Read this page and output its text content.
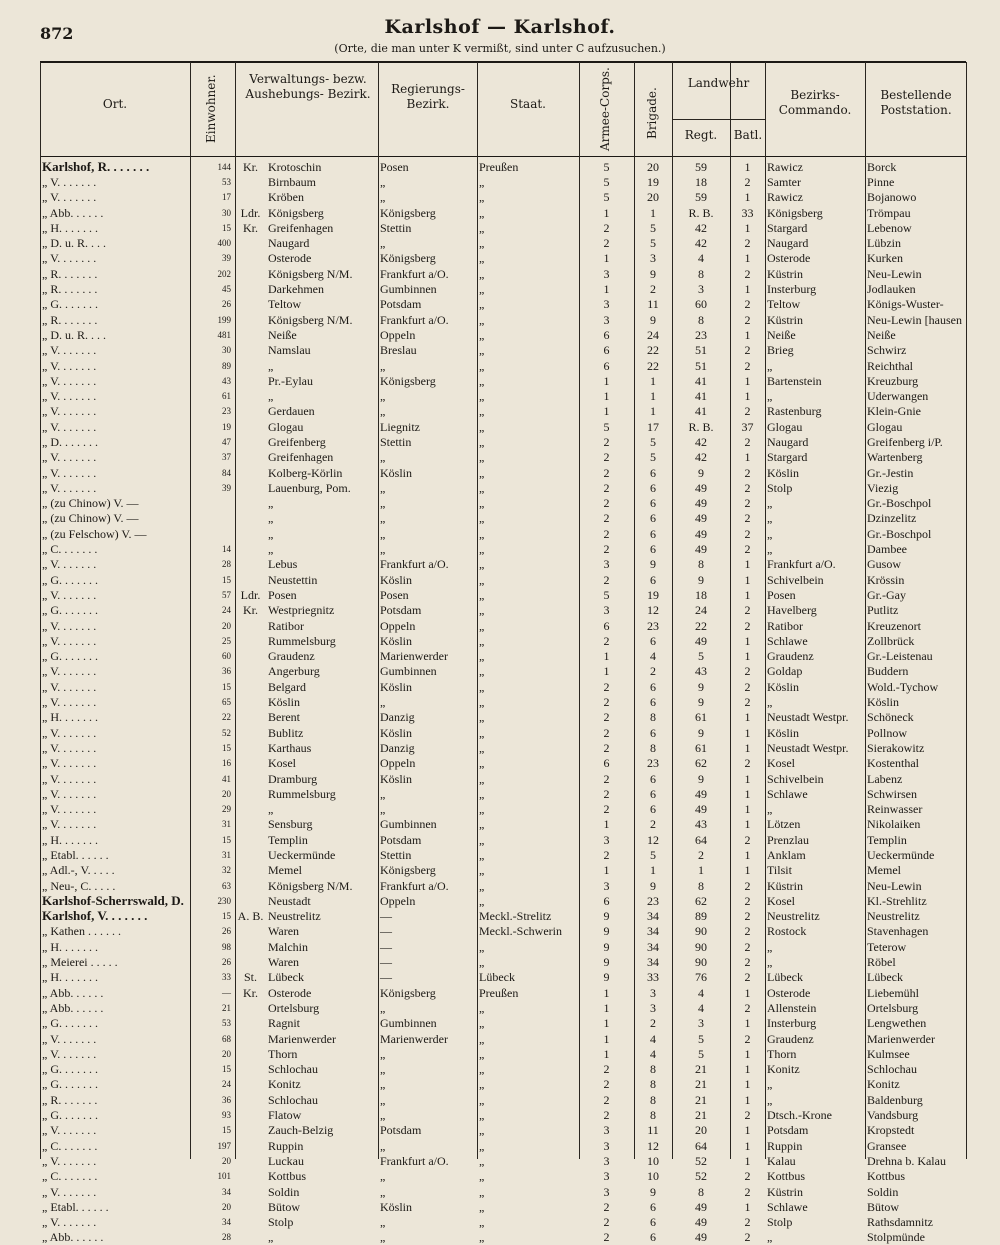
872	Karlshof — Karlshof.
(Orte, die man unter K vermißt, sind unter C aufzusuchen.)
Ort.	Einwohner.	Verwaltungs- bezw. Aushebungs- Bezirk.	Regierungs- Bezirk.	Staat.	Armee-Corps.	Brigade.
Landwehr
Regt.	Batl.
Bezirks- Commando.
Bestellende Poststation.
Karlshof, R. . . . . . .	144	Kr.	Krotoschin	Posen	Preußen	5	20	59	1	Rawicz	Borck
„ V. . . . . . .	53		Birnbaum	„	„	5	19	18	2	Samter	Pinne
„ V. . . . . . .	17		Kröben	„	„	5	20	59	1	Rawicz	Bojanowo
„ Abb. . . . . .	30	Ldr.	Königsberg	Königsberg	„	1	1	R. B.	33	Königsberg	Trömpau
„ H. . . . . . .	15	Kr.	Greifenhagen	Stettin	„	2	5	42	1	Stargard	Lebenow
„ D. u. R. . . .	400		Naugard	„	„	2	5	42	2	Naugard	Lübzin
„ V. . . . . . .	39		Osterode	Königsberg	„	1	3	4	1	Osterode	Kurken
„ R. . . . . . .	202		Königsberg N/M.	Frankfurt a/O.	„	3	9	8	2	Küstrin	Neu-Lewin
„ R. . . . . . .	45		Darkehmen	Gumbinnen	„	1	2	3	1	Insterburg	Jodlauken
„ G. . . . . . .	26		Teltow	Potsdam	„	3	11	60	2	Teltow	Königs-Wuster-
„ R. . . . . . .	199		Königsberg N/M.	Frankfurt a/O.	„	3	9	8	2	Küstrin	Neu-Lewin [hausen
„ D. u. R. . . .	481		Neiße	Oppeln	„	6	24	23	1	Neiße	Neiße
„ V. . . . . . .	30		Namslau	Breslau	„	6	22	51	2	Brieg	Schwirz
„ V. . . . . . .	89		„	„	„	6	22	51	2	„	Reichthal
„ V. . . . . . .	43		Pr.-Eylau	Königsberg	„	1	1	41	1	Bartenstein	Kreuzburg
„ V. . . . . . .	61		„	„	„	1	1	41	1	„	Uderwangen
„ V. . . . . . .	23		Gerdauen	„	„	1	1	41	2	Rastenburg	Klein-Gnie
„ V. . . . . . .	19		Glogau	Liegnitz	„	5	17	R. B.	37	Glogau	Glogau
„ D. . . . . . .	47		Greifenberg	Stettin	„	2	5	42	2	Naugard	Greifenberg i/P.
„ V. . . . . . .	37		Greifenhagen	„	„	2	5	42	1	Stargard	Wartenberg
„ V. . . . . . .	84		Kolberg-Körlin	Köslin	„	2	6	9	2	Köslin	Gr.-Jestin
„ V. . . . . . .	39		Lauenburg, Pom.	„	„	2	6	49	2	Stolp	Viezig
„ (zu Chinow) V. —			„	„	„	2	6	49	2	„	Gr.-Boschpol
„ (zu Chinow) V. —			„	„	„	2	6	49	2	„	Dzinzelitz
„ (zu Felschow) V. —			„	„	„	2	6	49	2	„	Gr.-Boschpol
„ C. . . . . . .	14		„	„	„	2	6	49	2	„	Dambee
„ V. . . . . . .	28		Lebus	Frankfurt a/O.	„	3	9	8	1	Frankfurt a/O.	Gusow
„ G. . . . . . .	15		Neustettin	Köslin	„	2	6	9	1	Schivelbein	Krössin
„ V. . . . . . .	57	Ldr.	Posen	Posen	„	5	19	18	1	Posen	Gr.-Gay
„ G. . . . . . .	24	Kr.	Westpriegnitz	Potsdam	„	3	12	24	2	Havelberg	Putlitz
„ V. . . . . . .	20		Ratibor	Oppeln	„	6	23	22	2	Ratibor	Kreuzenort
„ V. . . . . . .	25		Rummelsburg	Köslin	„	2	6	49	1	Schlawe	Zollbrück
„ G. . . . . . .	60		Graudenz	Marienwerder	„	1	4	5	1	Graudenz	Gr.-Leistenau
„ V. . . . . . .	36		Angerburg	Gumbinnen	„	1	2	43	2	Goldap	Buddern
„ V. . . . . . .	15		Belgard	Köslin	„	2	6	9	2	Köslin	Wold.-Tychow
„ V. . . . . . .	65		Köslin	„	„	2	6	9	2	„	Köslin
„ H. . . . . . .	22		Berent	Danzig	„	2	8	61	1	Neustadt Westpr.	Schöneck
„ V. . . . . . .	52		Bublitz	Köslin	„	2	6	9	1	Köslin	Pollnow
„ V. . . . . . .	15		Karthaus	Danzig	„	2	8	61	1	Neustadt Westpr.	Sierakowitz
„ V. . . . . . .	16		Kosel	Oppeln	„	6	23	62	2	Kosel	Kostenthal
„ V. . . . . . .	41		Dramburg	Köslin	„	2	6	9	1	Schivelbein	Labenz
„ V. . . . . . .	20		Rummelsburg	„	„	2	6	49	1	Schlawe	Schwirsen
„ V. . . . . . .	29		„	„	„	2	6	49	1	„	Reinwasser
„ V. . . . . . .	31		Sensburg	Gumbinnen	„	1	2	43	1	Lötzen	Nikolaiken
„ H. . . . . . .	15		Templin	Potsdam	„	3	12	64	2	Prenzlau	Templin
„ Etabl. . . . . .	31		Ueckermünde	Stettin	„	2	5	2	1	Anklam	Ueckermünde
„ Adl.-, V. . . . .	32		Memel	Königsberg	„	1	1	1	1	Tilsit	Memel
„ Neu-, C. . . . .	63		Königsberg N/M.	Frankfurt a/O.	„	3	9	8	2	Küstrin	Neu-Lewin
Karlshof-Scherrswald, D.	230		Neustadt	Oppeln	„	6	23	62	2	Kosel	Kl.-Strehlitz
Karlshof, V. . . . . . .	15	A. B.	Neustrelitz	—	Meckl.-Strelitz	9	34	89	2	Neustrelitz	Neustrelitz
„ Kathen . . . . . .	26		Waren	—	Meckl.-Schwerin	9	34	90	2	Rostock	Stavenhagen
„ H. . . . . . .	98		Malchin	—	„	9	34	90	2	„	Teterow
„ Meierei . . . . .	26		Waren	—	„	9	34	90	2	„	Röbel
„ H. . . . . . .	33	St.	Lübeck	—	Lübeck	9	33	76	2	Lübeck	Lübeck
„ Abb. . . . . .	—	Kr.	Osterode	Königsberg	Preußen	1	3	4	1	Osterode	Liebemühl
„ Abb. . . . . .	21		Ortelsburg	„	„	1	3	4	2	Allenstein	Ortelsburg
„ G. . . . . . .	53		Ragnit	Gumbinnen	„	1	2	3	1	Insterburg	Lengwethen
„ V. . . . . . .	68		Marienwerder	Marienwerder	„	1	4	5	2	Graudenz	Marienwerder
„ V. . . . . . .	20		Thorn	„	„	1	4	5	1	Thorn	Kulmsee
„ G. . . . . . .	15		Schlochau	„	„	2	8	21	1	Konitz	Schlochau
„ G. . . . . . .	24		Konitz	„	„	2	8	21	1	„	Konitz
„ R. . . . . . .	36		Schlochau	„	„	2	8	21	1	„	Baldenburg
„ G. . . . . . .	93		Flatow	„	„	2	8	21	2	Dtsch.-Krone	Vandsburg
„ V. . . . . . .	15		Zauch-Belzig	Potsdam	„	3	11	20	1	Potsdam	Kropstedt
„ C. . . . . . .	197		Ruppin	„	„	3	12	64	1	Ruppin	Gransee
„ V. . . . . . .	20		Luckau	Frankfurt a/O.	„	3	10	52	1	Kalau	Drehna b. Kalau
„ C. . . . . . .	101		Kottbus	„	„	3	10	52	2	Kottbus	Kottbus
„ V. . . . . . .	34		Soldin	„	„	3	9	8	2	Küstrin	Soldin
„ Etabl. . . . . .	20		Bütow	Köslin	„	2	6	49	1	Schlawe	Bütow
„ V. . . . . . .	34		Stolp	„	„	2	6	49	2	Stolp	Rathsdamnitz
„ Abb. . . . . .	28		„	„	„	2	6	49	2	„	Stolpmünde
